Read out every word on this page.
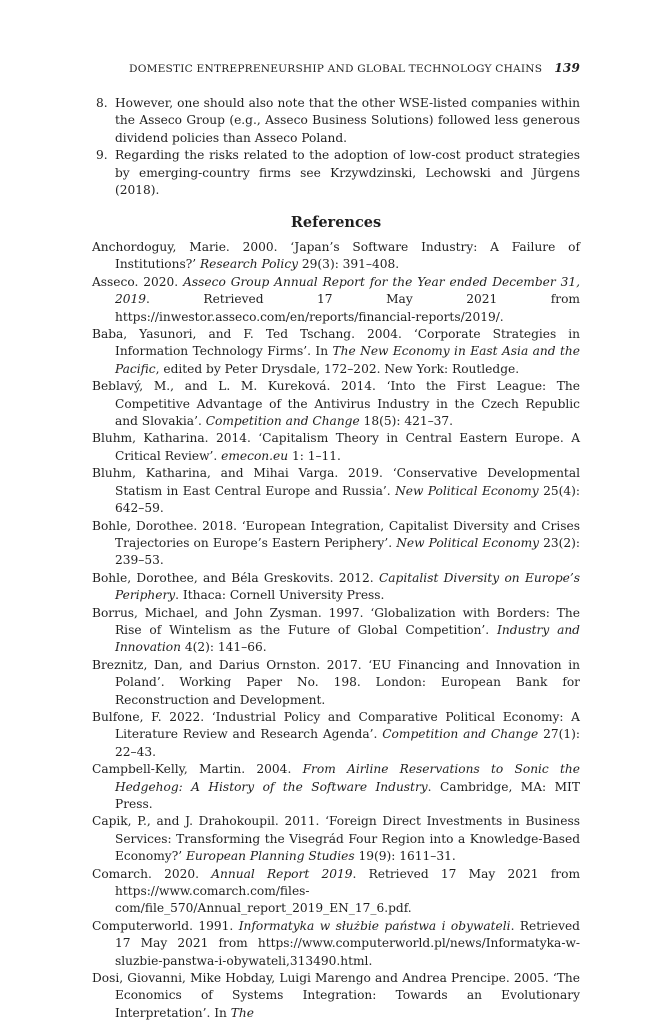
DOMESTIC ENTREPRENEURSHIP AND GLOBAL TECHNOLOGY CHAINS 139
8. However, one should also note that the other WSE-listed companies within the Asseco Group (e.g., Asseco Business Solutions) followed less generous dividend policies than Asseco Poland.
9. Regarding the risks related to the adoption of low-cost product strategies by emerging-country firms see Krzywdzinski, Lechowski and Jürgens (2018).
References
Anchordoguy, Marie. 2000. ‘Japan’s Software Industry: A Failure of Institutions?’ Research Policy 29(3): 391–408.
Asseco. 2020. Asseco Group Annual Report for the Year ended December 31, 2019. Retrieved 17 May 2021 from https://inwestor.asseco.com/en/reports/financial-reports/2019/.
Baba, Yasunori, and F. Ted Tschang. 2004. ‘Corporate Strategies in Information Technology Firms’. In The New Economy in East Asia and the Pacific, edited by Peter Drysdale, 172–202. New York: Routledge.
Beblavý, M., and L. M. Kureková. 2014. ‘Into the First League: The Competitive Advantage of the Antivirus Industry in the Czech Republic and Slovakia’. Competition and Change 18(5): 421–37.
Bluhm, Katharina. 2014. ‘Capitalism Theory in Central Eastern Europe. A Critical Review’. emecon.eu 1: 1–11.
Bluhm, Katharina, and Mihai Varga. 2019. ‘Conservative Developmental Statism in East Central Europe and Russia’. New Political Economy 25(4): 642–59.
Bohle, Dorothee. 2018. ‘European Integration, Capitalist Diversity and Crises Trajectories on Europe’s Eastern Periphery’. New Political Economy 23(2): 239–53.
Bohle, Dorothee, and Béla Greskovits. 2012. Capitalist Diversity on Europe’s Periphery. Ithaca: Cornell University Press.
Borrus, Michael, and John Zysman. 1997. ‘Globalization with Borders: The Rise of Wintelism as the Future of Global Competition’. Industry and Innovation 4(2): 141–66.
Breznitz, Dan, and Darius Ornston. 2017. ‘EU Financing and Innovation in Poland’. Working Paper No. 198. London: European Bank for Reconstruction and Development.
Bulfone, F. 2022. ‘Industrial Policy and Comparative Political Economy: A Literature Review and Research Agenda’. Competition and Change 27(1): 22–43.
Campbell-Kelly, Martin. 2004. From Airline Reservations to Sonic the Hedgehog: A History of the Software Industry. Cambridge, MA: MIT Press.
Capik, P., and J. Drahokoupil. 2011. ‘Foreign Direct Investments in Business Services: Transforming the Visegrád Four Region into a Knowledge-Based Economy?’ European Planning Studies 19(9): 1611–31.
Comarch. 2020. Annual Report 2019. Retrieved 17 May 2021 from https://www.comarch.com/files-com/file_570/Annual_report_2019_EN_17_6.pdf.
Computerworld. 1991. Informatyka w służbie państwa i obywateli. Retrieved 17 May 2021 from https://www.computerworld.pl/news/Informatyka-w-sluzbie-panstwa-i-obywateli,313490.html.
Dosi, Giovanni, Mike Hobday, Luigi Marengo and Andrea Prencipe. 2005. ‘The Economics of Systems Integration: Towards an Evolutionary Interpretation’. In The
